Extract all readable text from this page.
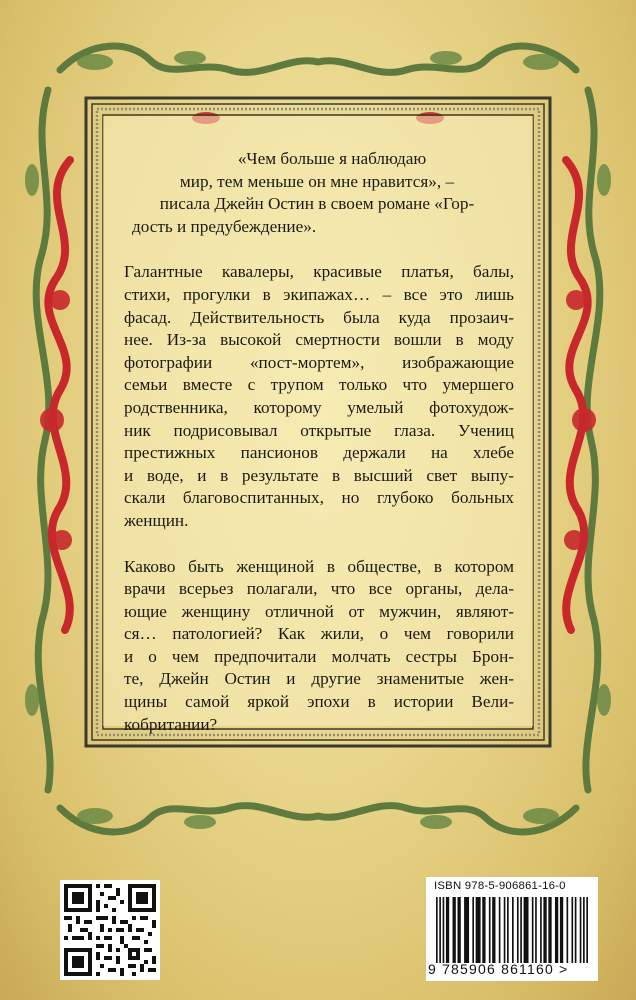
«Чем больше я наблюдаю
мир, тем меньше он мне нравится», –
писала Джейн Остин в своем романе «Гор-
дость и предубеждение».
Галантные кавалеры, красивые платья, балы,
стихи, прогулки в экипажах… – все это лишь
фасад. Действительность была куда прозаич-
нее. Из-за высокой смертности вошли в моду
фотографии «пост-мортем», изображающие
семьи вместе с трупом только что умершего
родственника, которому умелый фотохудож-
ник подрисовывал открытые глаза. Учениц
престижных пансионов держали на хлебе
и воде, и в результате в высший свет выпу-
скали благовоспитанных, но глубоко больных
женщин.
Каково быть женщиной в обществе, в котором
врачи всерьез полагали, что все органы, дела-
ющие женщину отличной от мужчин, являют-
ся… патологией? Как жили, о чем говорили
и о чем предпочитали молчать сестры Брон-
те, Джейн Остин и другие знаменитые жен-
щины самой яркой эпохи в истории Вели-
кобритании?
ISBN 978-5-906861-16-0
9 785906 861160 >
